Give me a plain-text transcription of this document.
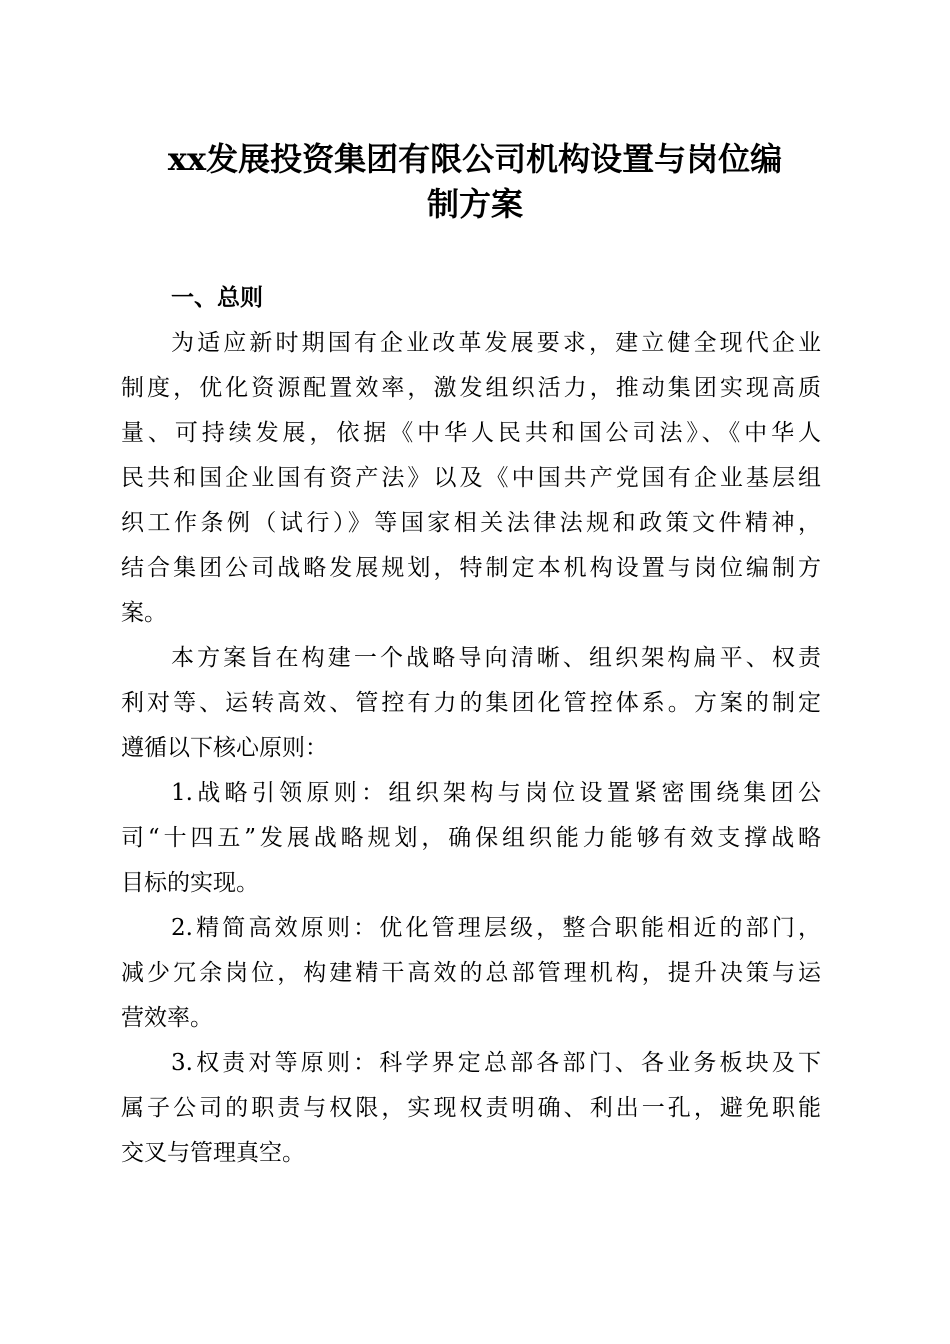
xx发展投资集团有限公司机构设置与岗位编
制方案
一、总则
为适应新时期国有企业改革发展要求，建立健全现代企业
制度，优化资源配置效率，激发组织活力，推动集团实现高质
量、可持续发展，依据《中华人民共和国公司法》、《中华人
民共和国企业国有资产法》以及《中国共产党国有企业基层组
织工作条例（试行）》等国家相关法律法规和政策文件精神，
结合集团公司战略发展规划，特制定本机构设置与岗位编制方
案。
本方案旨在构建一个战略导向清晰、组织架构扁平、权责
利对等、运转高效、管控有力的集团化管控体系。方案的制定
遵循以下核心原则：
1.战略引领原则：组织架构与岗位设置紧密围绕集团公
司“十四五”发展战略规划，确保组织能力能够有效支撑战略
目标的实现。
2.精简高效原则：优化管理层级，整合职能相近的部门，
减少冗余岗位，构建精干高效的总部管理机构，提升决策与运
营效率。
3.权责对等原则：科学界定总部各部门、各业务板块及下
属子公司的职责与权限，实现权责明确、利出一孔，避免职能
交叉与管理真空。
